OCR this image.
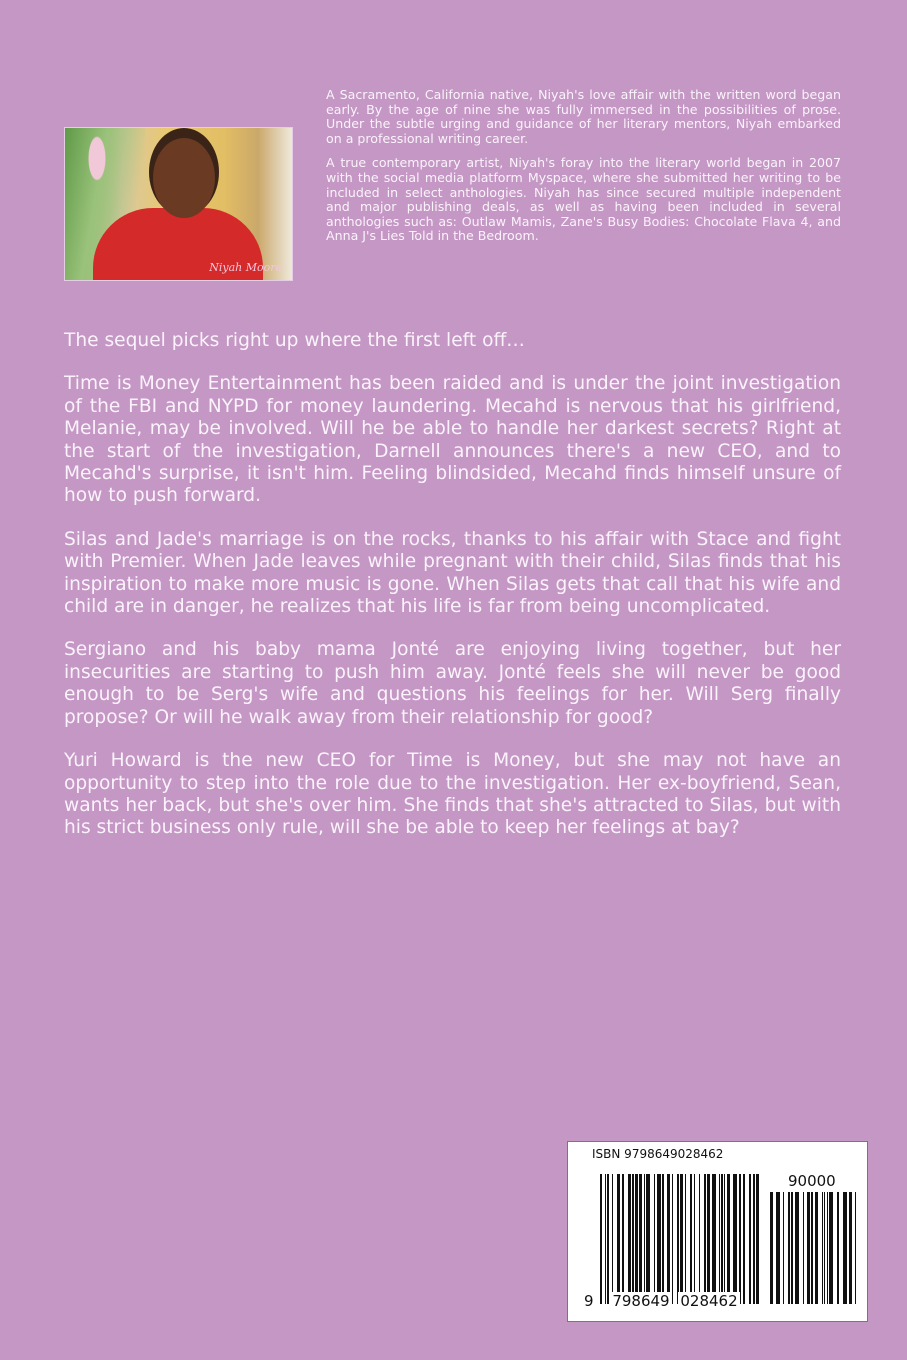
Niyah Moore

A Sacramento, California native, Niyah's love affair with the written word began early. By the age of nine she was fully immersed in the possibilities of prose. Under the subtle urging and guidance of her literary mentors, Niyah embarked on a professional writing career.

A true contemporary artist, Niyah's foray into the literary world began in 2007 with the social media platform Myspace, where she submitted her writing to be included in select anthologies. Niyah has since secured multiple independent and major publishing deals, as well as having been included in several anthologies such as: Outlaw Mamis, Zane's Busy Bodies: Chocolate Flava 4, and Anna J's Lies Told in the Bedroom.

The sequel picks right up where the first left off…

Time is Money Entertainment has been raided and is under the joint investigation of the FBI and NYPD for money laundering. Mecahd is nervous that his girlfriend, Melanie, may be involved. Will he be able to handle her darkest secrets? Right at the start of the investigation, Darnell announces there's a new CEO, and to Mecahd's surprise, it isn't him. Feeling blindsided, Mecahd finds himself unsure of how to push forward.

Silas and Jade's marriage is on the rocks, thanks to his affair with Stace and fight with Premier. When Jade leaves while pregnant with their child, Silas finds that his inspiration to make more music is gone. When Silas gets that call that his wife and child are in danger, he realizes that his life is far from being uncomplicated.

Sergiano and his baby mama Jonté are enjoying living together, but her insecurities are starting to push him away. Jonté feels she will never be good enough to be Serg's wife and questions his feelings for her. Will Serg finally propose? Or will he walk away from their relationship for good?

Yuri Howard is the new CEO for Time is Money, but she may not have an opportunity to step into the role due to the investigation. Her ex-boyfriend, Sean, wants her back, but she's over him. She finds that she's attracted to Silas, but with his strict business only rule, will she be able to keep her feelings at bay?

ISBN 9798649028462
90000
9 798649 028462
